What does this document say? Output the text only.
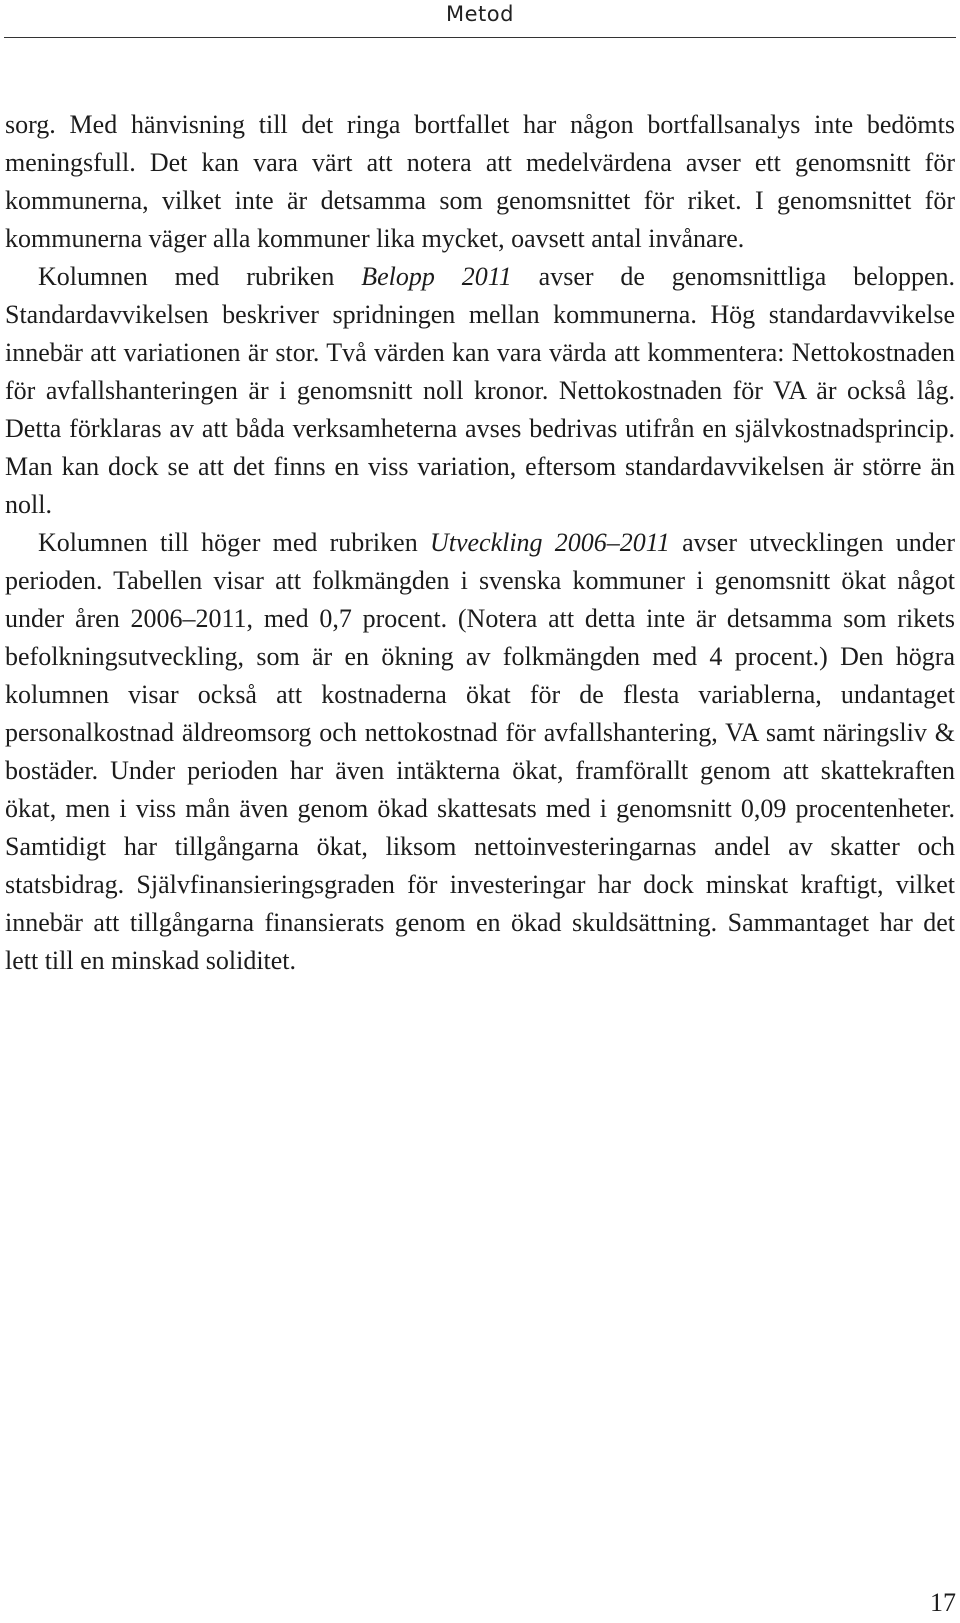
Metod

sorg. Med hänvisning till det ringa bortfallet har någon bortfallsanalys inte bedömts meningsfull. Det kan vara värt att notera att medelvärdena avser ett genomsnitt för kommunerna, vilket inte är detsamma som genomsnittet för riket. I genomsnittet för kommunerna väger alla kommuner lika mycket, oavsett antal invånare.

Kolumnen med rubriken Belopp 2011 avser de genomsnittliga beloppen. Standardavvikelsen beskriver spridningen mellan kommunerna. Hög standardavvikelse innebär att variationen är stor. Två värden kan vara värda att kommentera: Nettokostnaden för avfallshanteringen är i genomsnitt noll kronor. Nettokostnaden för VA är också låg. Detta förklaras av att båda verksamheterna avses bedrivas utifrån en självkostnadsprincip. Man kan dock se att det finns en viss variation, eftersom standardavvikelsen är större än noll.

Kolumnen till höger med rubriken Utveckling 2006–2011 avser utvecklingen under perioden. Tabellen visar att folkmängden i svenska kommuner i genomsnitt ökat något under åren 2006–2011, med 0,7 procent. (Notera att detta inte är detsamma som rikets befolkningsutveckling, som är en ökning av folkmängden med 4 procent.) Den högra kolumnen visar också att kostnaderna ökat för de flesta variablerna, undantaget personalkostnad äldreomsorg och nettokostnad för avfallshantering, VA samt näringsliv & bostäder. Under perioden har även intäkterna ökat, framförallt genom att skattekraften ökat, men i viss mån även genom ökad skattesats med i genomsnitt 0,09 procentenheter. Samtidigt har tillgångarna ökat, liksom nettoinvesteringarnas andel av skatter och statsbidrag. Självfinansieringsgraden för investeringar har dock minskat kraftigt, vilket innebär att tillgångarna finansierats genom en ökad skuldsättning. Sammantaget har det lett till en minskad soliditet.

17
